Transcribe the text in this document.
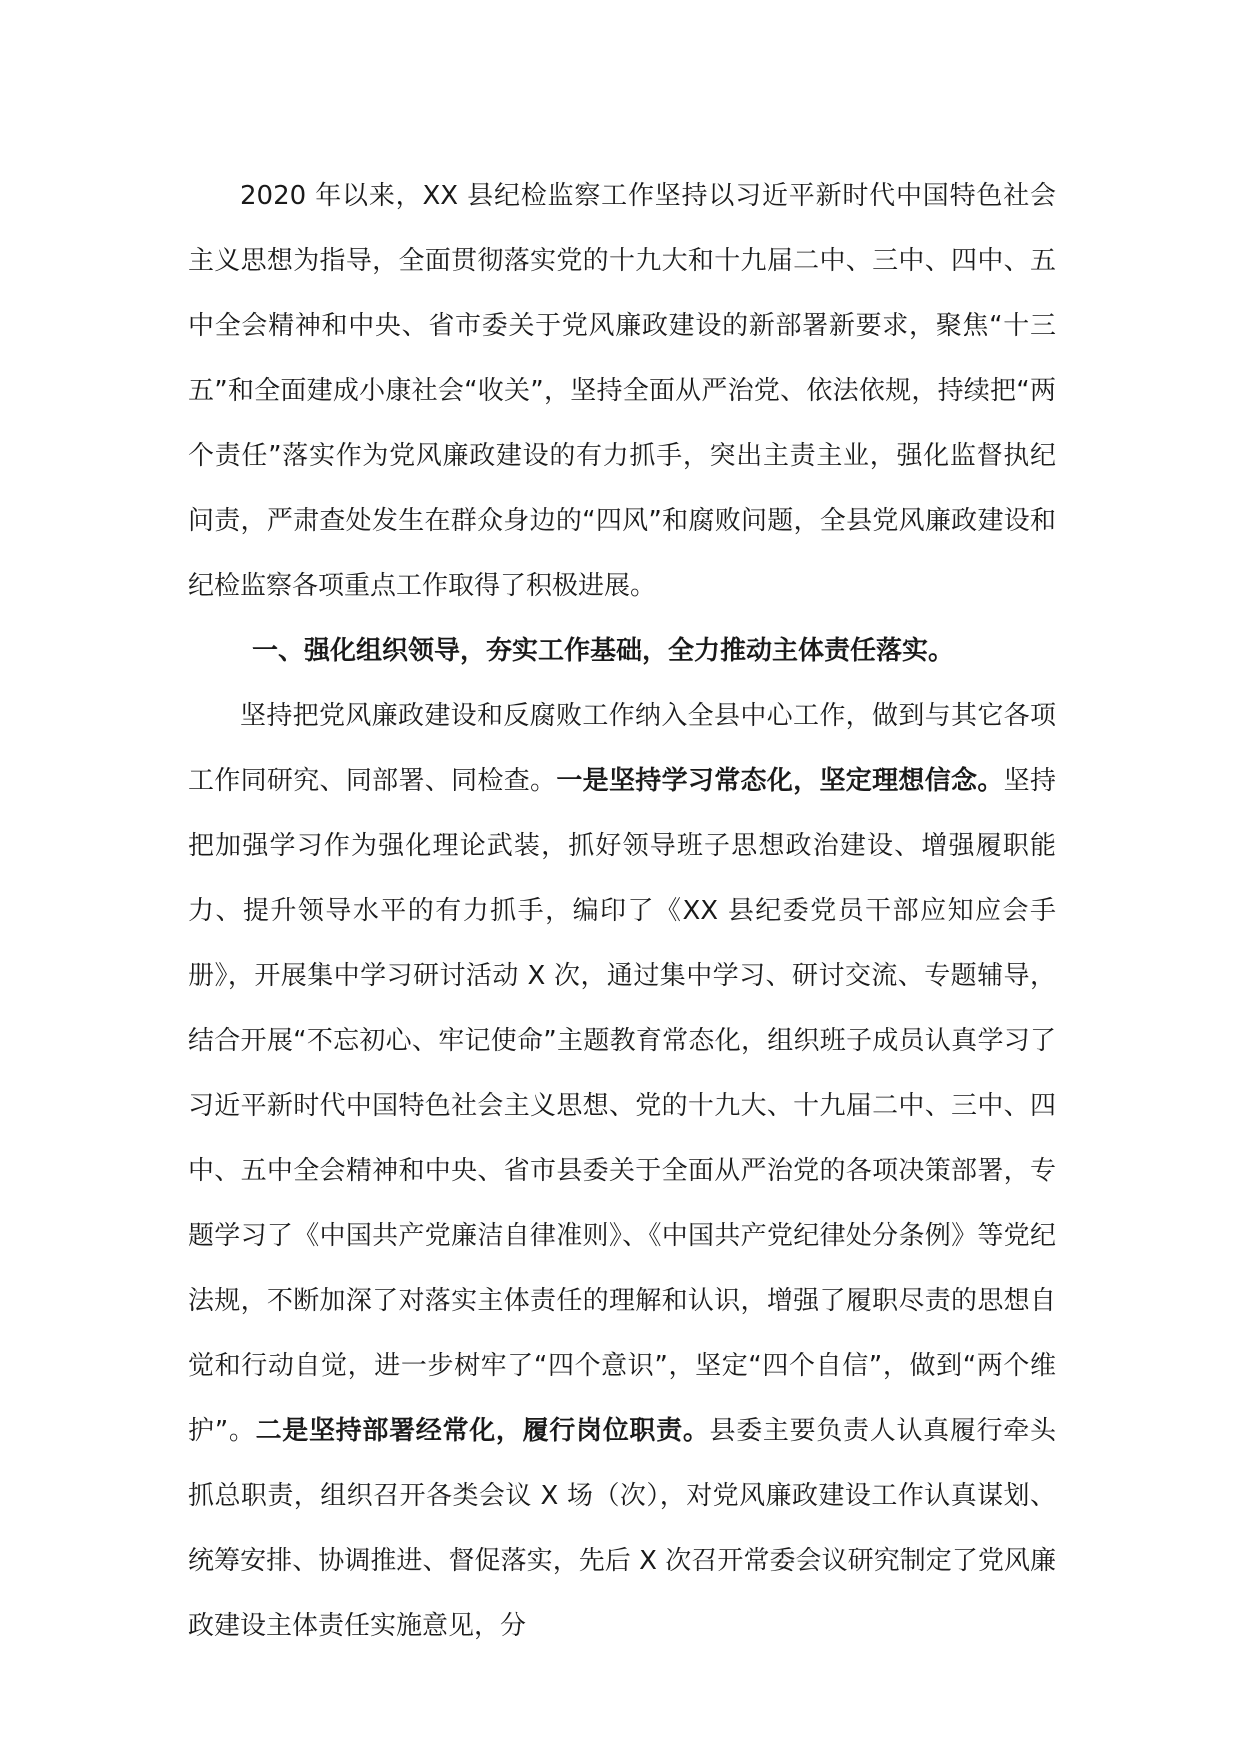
2020 年以来，XX 县纪检监察工作坚持以习近平新时代中国特色社会主义思想为指导，全面贯彻落实党的十九大和十九届二中、三中、四中、五中全会精神和中央、省市委关于党风廉政建设的新部署新要求，聚焦“十三五”和全面建成小康社会“收关”，坚持全面从严治党、依法依规，持续把“两个责任”落实作为党风廉政建设的有力抓手，突出主责主业，强化监督执纪问责，严肃查处发生在群众身边的“四风”和腐败问题，全县党风廉政建设和纪检监察各项重点工作取得了积极进展。

一、强化组织领导，夯实工作基础，全力推动主体责任落实。

坚持把党风廉政建设和反腐败工作纳入全县中心工作，做到与其它各项工作同研究、同部署、同检查。一是坚持学习常态化，坚定理想信念。坚持把加强学习作为强化理论武装，抓好领导班子思想政治建设、增强履职能力、提升领导水平的有力抓手，编印了《XX 县纪委党员干部应知应会手册》，开展集中学习研讨活动 X 次，通过集中学习、研讨交流、专题辅导，结合开展“不忘初心、牢记使命”主题教育常态化，组织班子成员认真学习了习近平新时代中国特色社会主义思想、党的十九大、十九届二中、三中、四中、五中全会精神和中央、省市县委关于全面从严治党的各项决策部署，专题学习了《中国共产党廉洁自律准则》、《中国共产党纪律处分条例》等党纪法规，不断加深了对落实主体责任的理解和认识，增强了履职尽责的思想自觉和行动自觉，进一步树牢了“四个意识”，坚定“四个自信”，做到“两个维护”。二是坚持部署经常化，履行岗位职责。县委主要负责人认真履行牵头抓总职责，组织召开各类会议 X 场（次），对党风廉政建设工作认真谋划、统筹安排、协调推进、督促落实，先后 X 次召开常委会议研究制定了党风廉政建设主体责任实施意见，分
